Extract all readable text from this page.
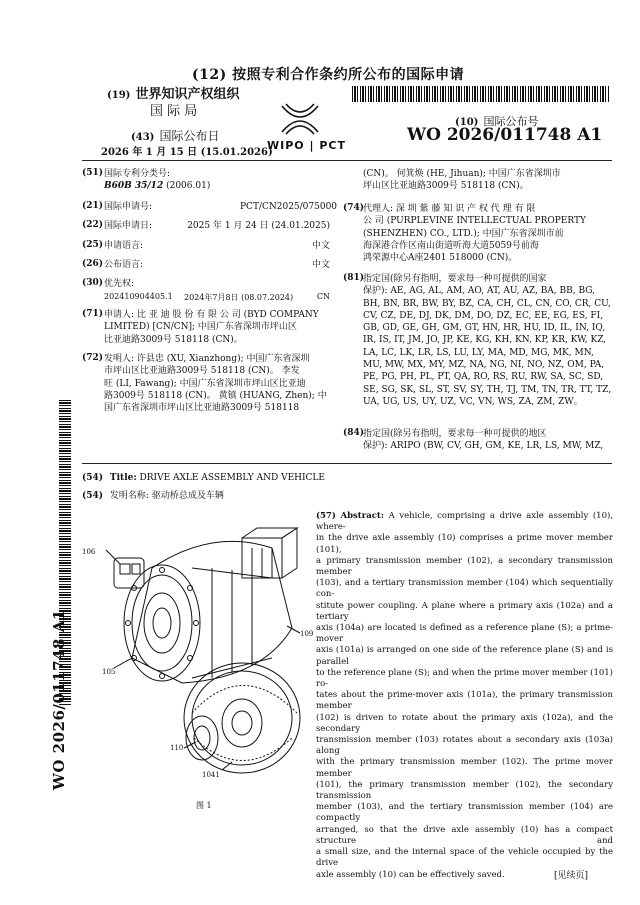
(12) 按照专利合作条约所公布的国际申请
(19) 世界知识产权组织
国 际 局
(43) 国际公布日
2026 年 1 月 15 日 (15.01.2026)
WIPO | PCT
(10) 国际公布号
WO 2026/011748 A1
(51) 国际专利分类号:
B60B 35/12 (2006.01)
(21) 国际申请号:	PCT/CN2025/075000
(22) 国际申请日:	2025 年 1 月 24 日 (24.01.2025)
(25) 申请语言:	中文
(26) 公布语言:	中文
(30) 优先权:
202410904405.1 2024年7月8日 (08.07.2024)	CN
(71) 申请人: 比 亚 迪 股 份 有 限 公 司 (BYD COMPANY
LIMITED) [CN/CN]; 中国广东省深圳市坪山区
比亚迪路3009号 518118 (CN)。
(72) 发明人: 许县忠 (XU, Xianzhong); 中国广东省深圳
市坪山区比亚迪路3009号 518118 (CN)。 李发
旺 (LI, Fawang); 中国广东省深圳市坪山区比亚迪
路3009号 518118 (CN)。 黄镇 (HUANG, Zhen); 中
国广东省深圳市坪山区比亚迪路3009号 518118
(CN)。 何箕焕 (HE, Jihuan); 中国广东省深圳市
坪山区比亚迪路3009号 518118 (CN)。
(74)
代理人: 深 圳 紫 藤 知 识 产 权 代 理 有 限
公 司 (PURPLEVINE INTELLECTUAL PROPERTY
(SHENZHEN) CO., LTD.); 中国广东省深圳市前
海深港合作区南山街道听海大道5059号前海
鸿荣源中心A座2401 518000 (CN)。
(81)
指定国(除另有指明，要求每一种可提供的国家
保护): AE, AG, AL, AM, AO, AT, AU, AZ, BA, BB, BG,
BH, BN, BR, BW, BY, BZ, CA, CH, CL, CN, CO, CR, CU,
CV, CZ, DE, DJ, DK, DM, DO, DZ, EC, EE, EG, ES, FI,
GB, GD, GE, GH, GM, GT, HN, HR, HU, ID, IL, IN, IQ,
IR, IS, IT, JM, JO, JP, KE, KG, KH, KN, KP, KR, KW, KZ,
LA, LC, LK, LR, LS, LU, LY, MA, MD, MG, MK, MN,
MU, MW, MX, MY, MZ, NA, NG, NI, NO, NZ, OM, PA,
PE, PG, PH, PL, PT, QA, RO, RS, RU, RW, SA, SC, SD,
SE, SG, SK, SL, ST, SV, SY, TH, TJ, TM, TN, TR, TT, TZ,
UA, UG, US, UY, UZ, VC, VN, WS, ZA, ZM, ZW。
(84)
指定国(除另有指明，要求每一种可提供的地区
保护): ARIPO (BW, CV, GH, GM, KE, LR, LS, MW, MZ,
(54) Title: DRIVE AXLE ASSEMBLY AND VEHICLE
(54) 发明名称: 驱动桥总成及车辆
106
105
109
110
1041
图 1
(57) Abstract: A vehicle, comprising a drive axle assembly (10), where-
in the drive axle assembly (10) comprises a prime mover member (101),
a primary transmission member (102), a secondary transmission member
(103), and a tertiary transmission member (104) which sequentially con-
stitute power coupling. A plane where a primary axis (102a) and a tertiary
axis (104a) are located is defined as a reference plane (S); a prime-mover
axis (101a) is arranged on one side of the reference plane (S) and is parallel
to the reference plane (S); and when the prime mover member (101) ro-
tates about the prime-mover axis (101a), the primary transmission member
(102) is driven to rotate about the primary axis (102a), and the secondary
transmission member (103) rotates about a secondary axis (103a) along
with the primary transmission member (102). The prime mover member
(101), the primary transmission member (102), the secondary transmission
member (103), and the tertiary transmission member (104) are compactly
arranged, so that the drive axle assembly (10) has a compact structure and
a small size, and the internal space of the vehicle occupied by the drive
axle assembly (10) can be effectively saved.
WO 2026/011748 A1
[见续页]
